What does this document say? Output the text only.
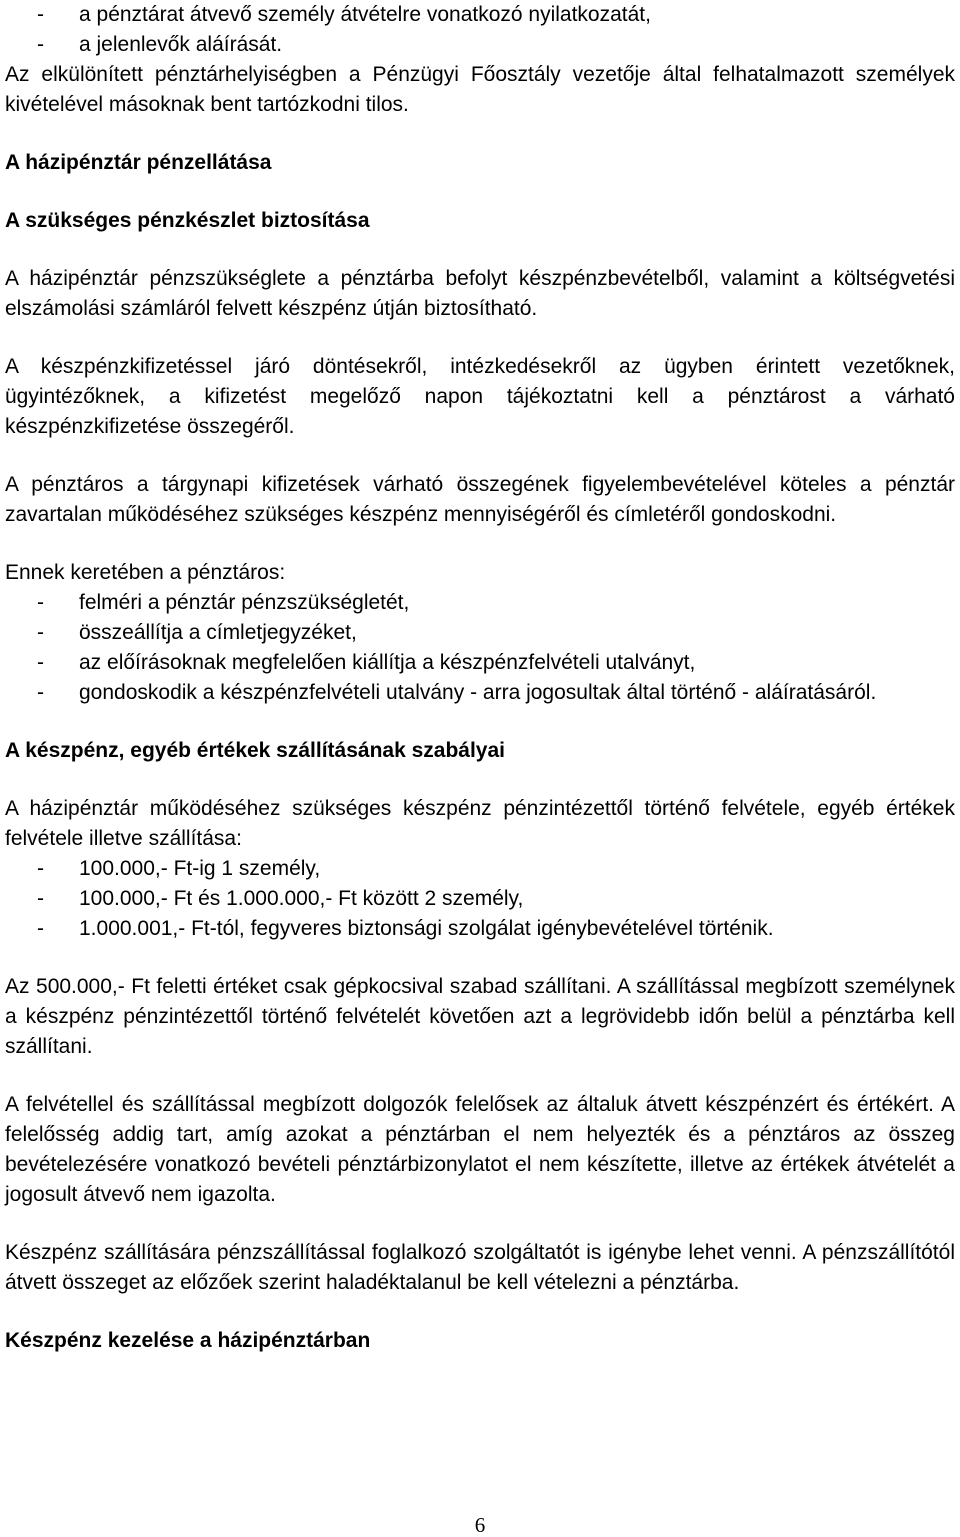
- a pénztárat átvevő személy átvételre vonatkozó nyilatkozatát,
- a jelenlevők aláírását.

Az elkülönített pénztárhelyiségben a Pénzügyi Főosztály vezetője által felhatalmazott személyek kivételével másoknak bent tartózkodni tilos.

A házipénztár pénzellátása

A szükséges pénzkészlet biztosítása

A házipénztár pénzszükséglete a pénztárba befolyt készpénzbevételből, valamint a költségvetési elszámolási számláról felvett készpénz útján biztosítható.

A készpénzkifizetéssel járó döntésekről, intézkedésekről az ügyben érintett vezetőknek, ügyintézőknek, a kifizetést megelőző napon tájékoztatni kell a pénztárost a várható készpénzkifizetése összegéről.

A pénztáros a tárgynapi kifizetések várható összegének figyelembevételével köteles a pénztár zavartalan működéséhez szükséges készpénz mennyiségéről és címletéről gondoskodni.

Ennek keretében a pénztáros:

- felméri a pénztár pénzszükségletét,
- összeállítja a címletjegyzéket,
- az előírásoknak megfelelően kiállítja a készpénzfelvételi utalványt,
- gondoskodik a készpénzfelvételi utalvány - arra jogosultak által történő - aláíratásáról.

A készpénz, egyéb értékek szállításának szabályai

A házipénztár működéséhez szükséges készpénz pénzintézettől történő felvétele, egyéb értékek felvétele illetve szállítása:

- 100.000,- Ft-ig 1 személy,
- 100.000,- Ft és 1.000.000,- Ft között 2 személy,
- 1.000.001,- Ft-tól, fegyveres biztonsági szolgálat igénybevételével történik.

Az 500.000,- Ft feletti értéket csak gépkocsival szabad szállítani. A szállítással megbízott személynek a készpénz pénzintézettől történő felvételét követően azt a legrövidebb időn belül a pénztárba kell szállítani.

A felvétellel és szállítással megbízott dolgozók felelősek az általuk átvett készpénzért és értékért. A felelősség addig tart, amíg azokat a pénztárban el nem helyezték és a pénztáros az összeg bevételezésére vonatkozó bevételi pénztárbizonylatot el nem készítette, illetve az értékek átvételét a jogosult átvevő nem igazolta.

Készpénz szállítására pénzszállítással foglalkozó szolgáltatót is igénybe lehet venni. A pénzszállítótól átvett összeget az előzőek szerint haladéktalanul be kell vételezni a pénztárba.

Készpénz kezelése a házipénztárban

6
